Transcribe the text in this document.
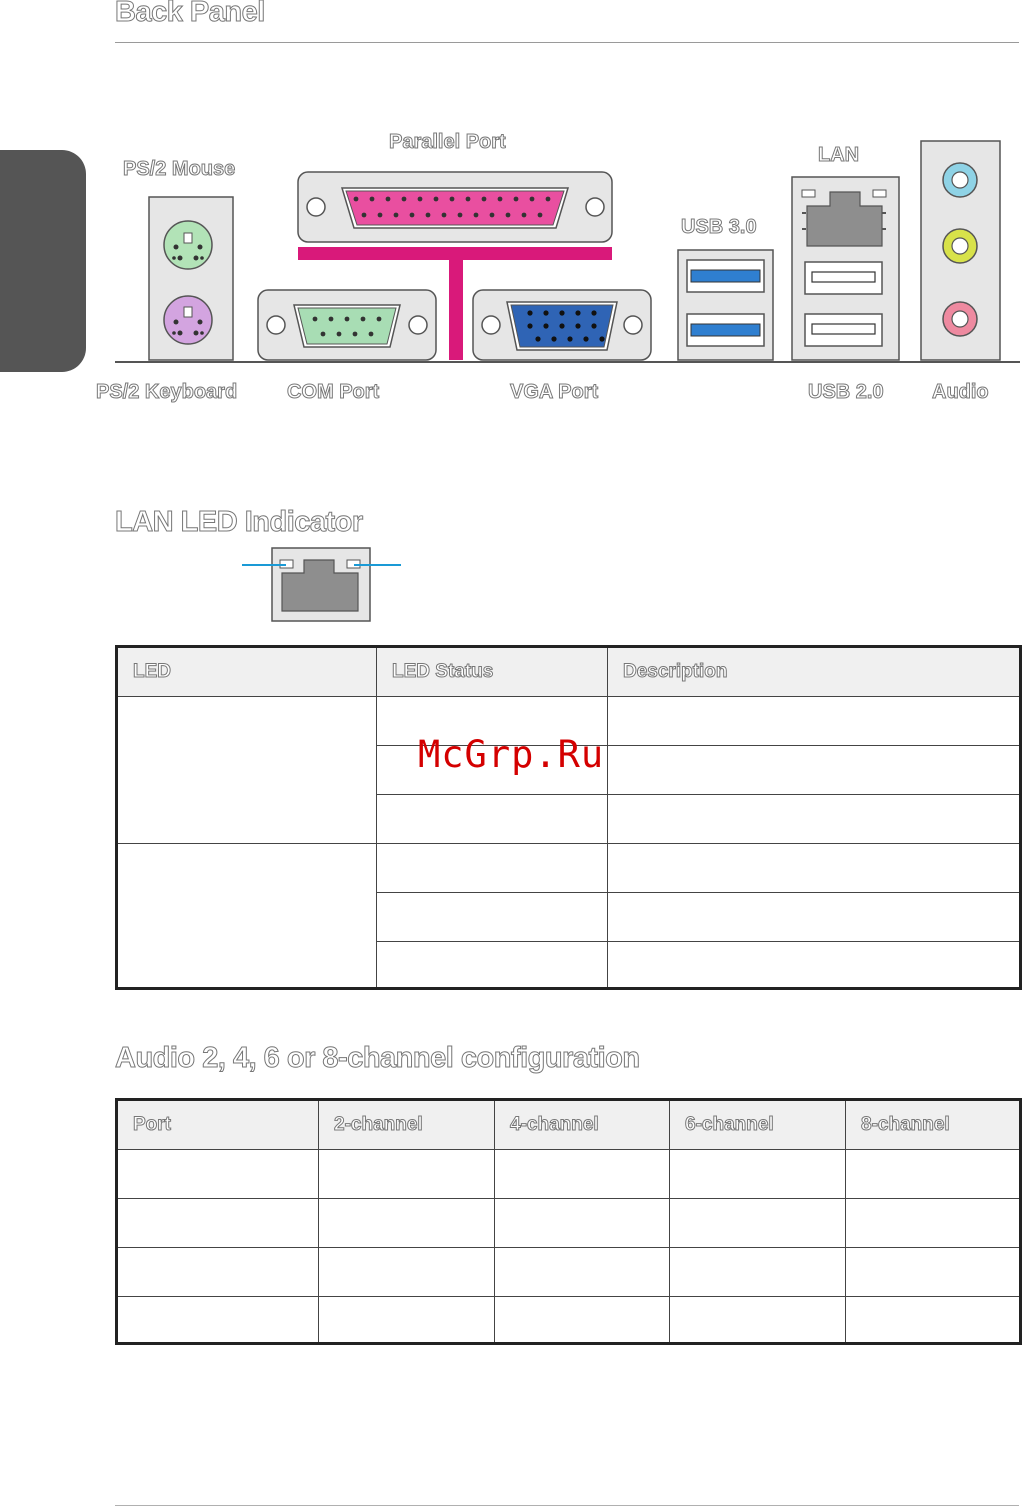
Back Panel
PS/2 Mouse
Parallel Port
LAN
USB 3.0
PS/2 Keyboard COM Port	VGA Port	USB 2.0 Audio
LAN LED Indicator
LED	LED Status	Description

McGrp.Ru
Audio 2, 4, 6 or 8-channel configuration
Port	2-channel	4-channel	6-channel	8-channel
